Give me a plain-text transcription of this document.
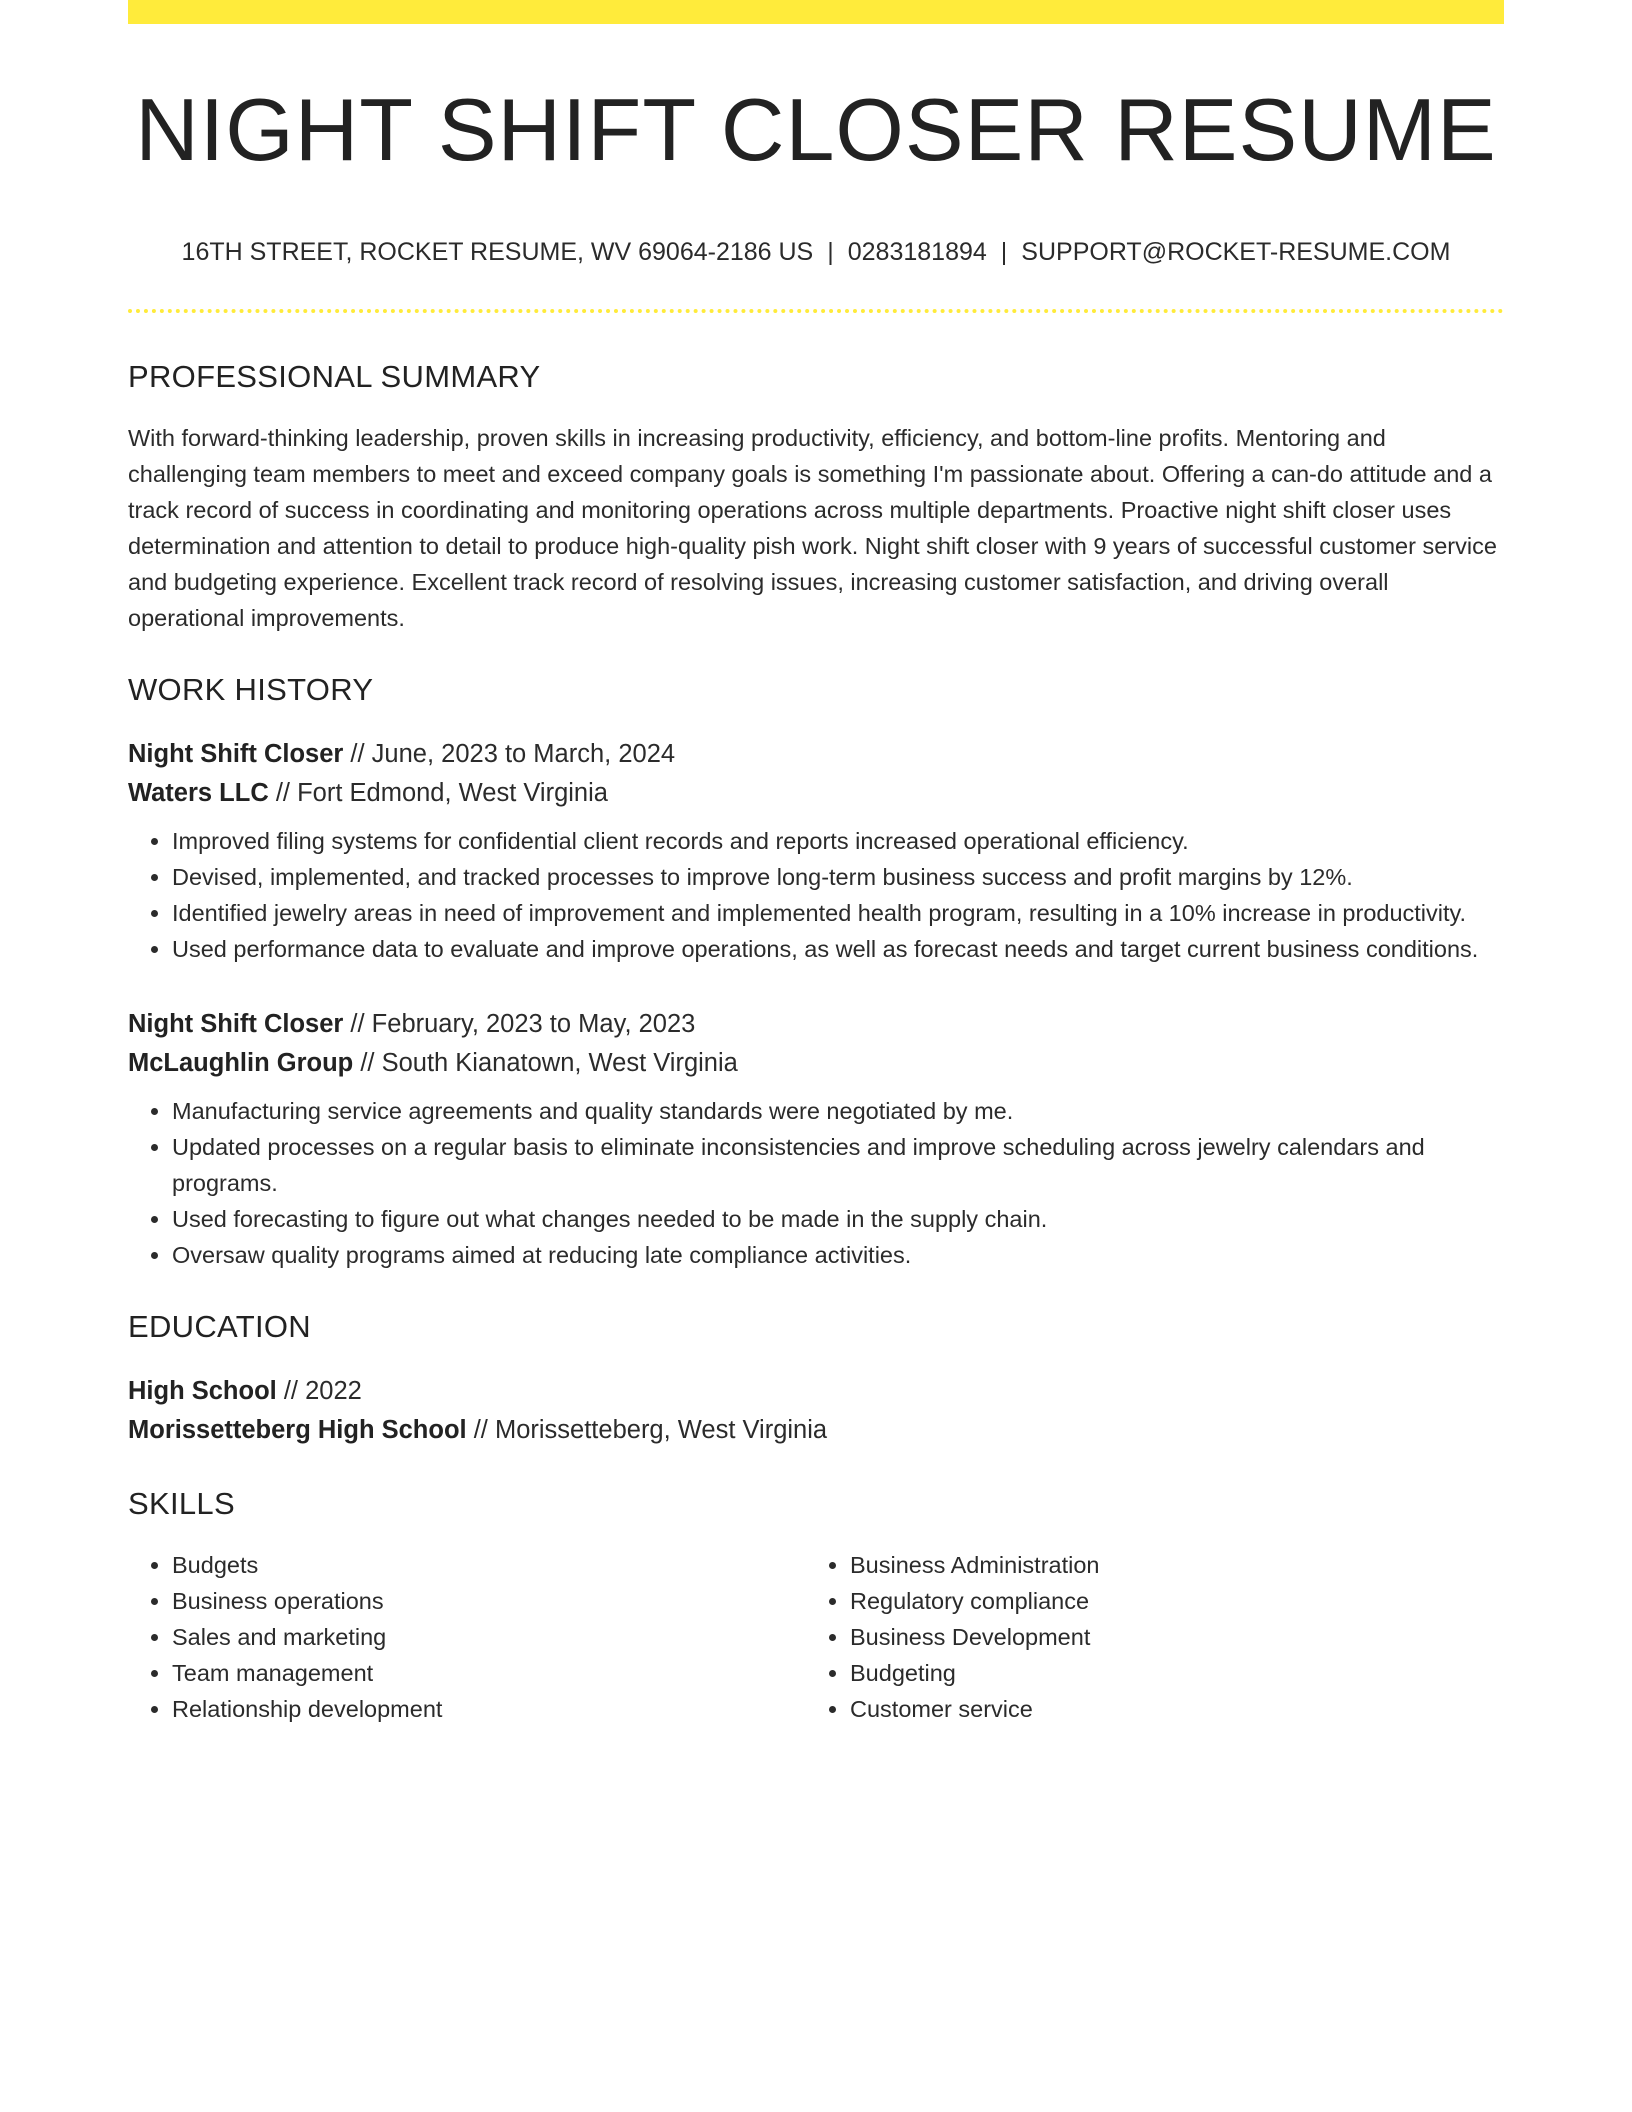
NIGHT SHIFT CLOSER RESUME
16TH STREET, ROCKET RESUME, WV 69064-2186 US | 0283181894 | SUPPORT@ROCKET-RESUME.COM
PROFESSIONAL SUMMARY
With forward-thinking leadership, proven skills in increasing productivity, efficiency, and bottom-line profits. Mentoring and challenging team members to meet and exceed company goals is something I'm passionate about. Offering a can-do attitude and a track record of success in coordinating and monitoring operations across multiple departments. Proactive night shift closer uses determination and attention to detail to produce high-quality pish work. Night shift closer with 9 years of successful customer service and budgeting experience. Excellent track record of resolving issues, increasing customer satisfaction, and driving overall operational improvements.
WORK HISTORY
Night Shift Closer // June, 2023 to March, 2024
Waters LLC // Fort Edmond, West Virginia
• Improved filing systems for confidential client records and reports increased operational efficiency.
• Devised, implemented, and tracked processes to improve long-term business success and profit margins by 12%.
• Identified jewelry areas in need of improvement and implemented health program, resulting in a 10% increase in productivity.
• Used performance data to evaluate and improve operations, as well as forecast needs and target current business conditions.
Night Shift Closer // February, 2023 to May, 2023
McLaughlin Group // South Kianatown, West Virginia
• Manufacturing service agreements and quality standards were negotiated by me.
• Updated processes on a regular basis to eliminate inconsistencies and improve scheduling across jewelry calendars and programs.
• Used forecasting to figure out what changes needed to be made in the supply chain.
• Oversaw quality programs aimed at reducing late compliance activities.
EDUCATION
High School // 2022
Morissetteberg High School // Morissetteberg, West Virginia
SKILLS
• Budgets
• Business operations
• Sales and marketing
• Team management
• Relationship development
• Business Administration
• Regulatory compliance
• Business Development
• Budgeting
• Customer service
